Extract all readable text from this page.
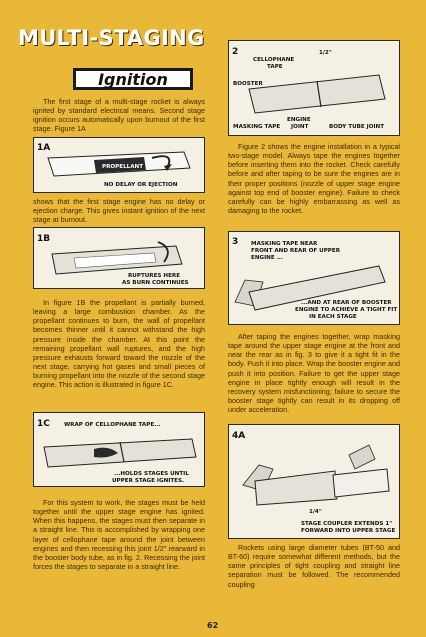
MULTI-STAGING
Ignition
The first stage of a multi-stage rocket is always ignited by standard electrical means. Second stage ignition occurs automatically upon burnout of the first stage. Figure 1A
1A
PROPELLANT
NO DELAY OR EJECTION
shows that the first stage engine has no delay or ejection charge. This gives instant ignition of the next stage at burnout.
1B
RUPTURES HERE
AS BURN CONTINUES
In figure 1B the propellant is partially burned, leaving a large combustion chamber. As the propellant continues to burn, the wall of propellant becomes thinner until it cannot withstand the high pressure inside the chamber. At this point the remaining propellant wall ruptures, and the high pressure exhausts forward toward the nozzle of the next stage, carrying hot gases and small pieces of burning propellant into the nozzle of the second stage engine. This action is illustrated in figure 1C.
1C	WRAP OF CELLOPHANE TAPE...
...HOLDS STAGES UNTIL
UPPER STAGE IGNITES.
For this system to work, the stages must be held together until the upper stage engine has ignited. When this happens, the stages must then separate in a straight line. This is accomplished by wrapping one layer of cellophane tape around the joint between engines and then recessing this joint 1/2" rearward in the booster body tube, as in fig. 2. Recessing the joint forces the stages to separate in a straight line.
2
CELLOPHANE
TAPE
1/2"
BOOSTER
ENGINE
JOINT
MASKING TAPE	BODY TUBE JOINT
Figure 2 shows the engine installation in a typical two-stage model. Always tape the engines together before inserting them into the rocket. Check carefully before and after taping to be sure the engines are in their proper positions (nozzle of upper stage engine against top end of booster engine). Failure to check carefully can be highly embarrassing as well as damaging to the rocket.
3 MASKING TAPE NEAR
FRONT AND REAR OF UPPER
ENGINE ...
...AND AT REAR OF BOOSTER
ENGINE TO ACHIEVE A TIGHT FIT
IN EACH STAGE
After taping the engines together, wrap masking tape around the upper stage engine at the front and near the rear as in fig. 3 to give it a tight fit in the body. Push it into place. Wrap the booster engine and push it into position. Failure to get the upper stage engine in place tightly enough will result in the recovery system misfunctioning; failure to secure the booster stage tightly can result in its dropping off under acceleration.
4A
1/4"
STAGE COUPLER EXTENDS 1"
FORWARD INTO UPPER STAGE
Rockets using large diameter tubes (BT-50 and BT-60) require somewhat different methods, but the same principles of tight coupling and straight line separation must be followed. The recommended coupling
62
